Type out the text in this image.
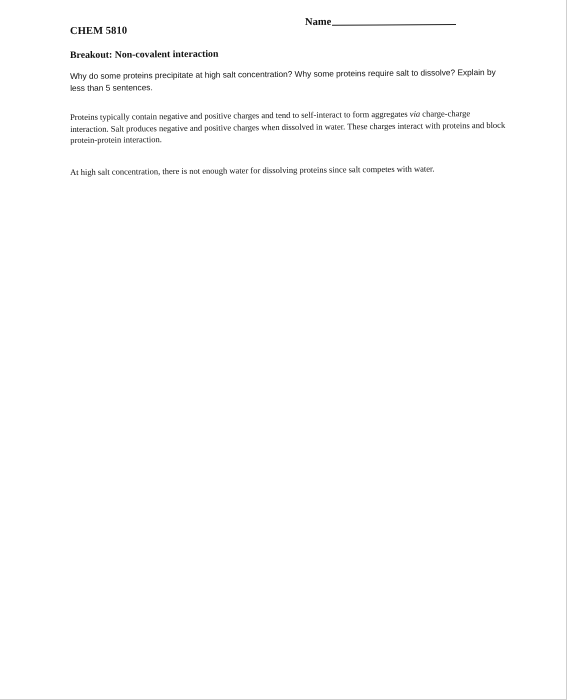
CHEM 5810
Name
Breakout: Non-covalent interaction
Why do some proteins precipitate at high salt concentration? Why some proteins require salt to dissolve? Explain by less than 5 sentences.
Proteins typically contain negative and positive charges and tend to self-interact to form aggregates via charge-charge interaction. Salt produces negative and positive charges when dissolved in water. These charges interact with proteins and block protein-protein interaction.
At high salt concentration, there is not enough water for dissolving proteins since salt competes with water.
